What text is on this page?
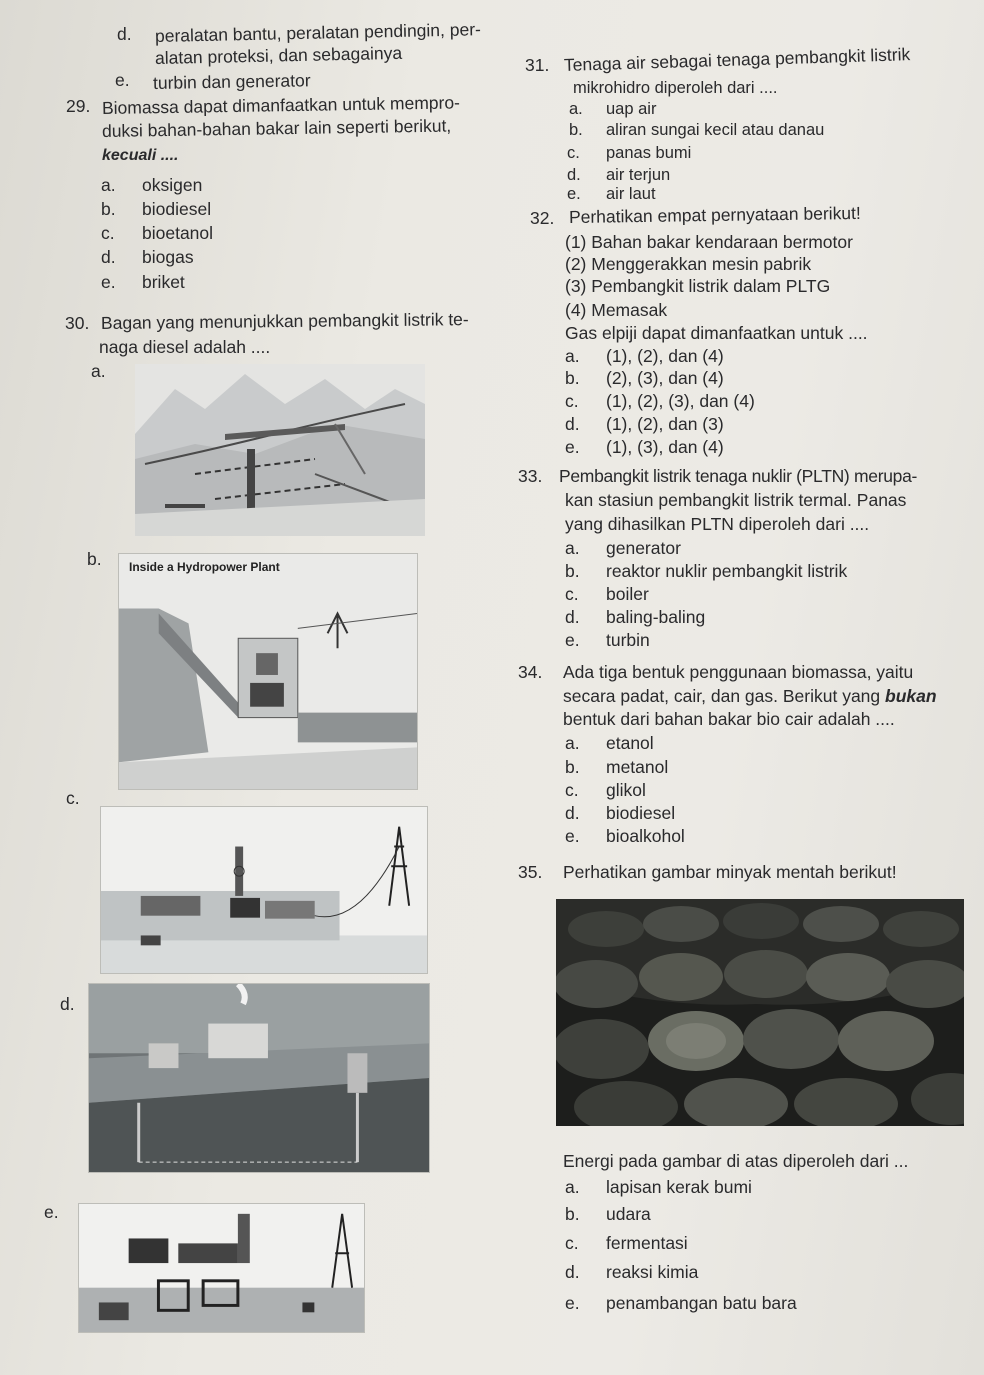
d. peralatan bantu, peralatan pendingin, per-
alatan proteksi, dan sebagainya
e. turbin dan generator
29. Biomassa dapat dimanfaatkan untuk mempro-
duksi bahan-bahan bakar lain seperti berikut,
kecuali ....
a. oksigen
b. biodiesel
c. bioetanol
d. biogas
e. briket
30. Bagan yang menunjukkan pembangkit listrik te-
naga diesel adalah ....
a.
b. Inside a Hydropower Plant
c.
d.
e.
31. Tenaga air sebagai tenaga pembangkit listrik
mikrohidro diperoleh dari ....
a. uap air
b. aliran sungai kecil atau danau
c. panas bumi
d. air terjun
e. air laut
32. Perhatikan empat pernyataan berikut!
(1) Bahan bakar kendaraan bermotor
(2) Menggerakkan mesin pabrik
(3) Pembangkit listrik dalam PLTG
(4) Memasak
Gas elpiji dapat dimanfaatkan untuk ....
a. (1), (2), dan (4)
b. (2), (3), dan (4)
c. (1), (2), (3), dan (4)
d. (1), (2), dan (3)
e. (1), (3), dan (4)
33. Pembangkit listrik tenaga nuklir (PLTN) merupa-
kan stasiun pembangkit listrik termal. Panas
yang dihasilkan PLTN diperoleh dari ....
a. generator
b. reaktor nuklir pembangkit listrik
c. boiler
d. baling-baling
e. turbin
34. Ada tiga bentuk penggunaan biomassa, yaitu
secara padat, cair, dan gas. Berikut yang bukan
bentuk dari bahan bakar bio cair adalah ....
a. etanol
b. metanol
c. glikol
d. biodiesel
e. bioalkohol
35. Perhatikan gambar minyak mentah berikut!
Energi pada gambar di atas diperoleh dari ...
a. lapisan kerak bumi
b. udara
c. fermentasi
d. reaksi kimia
e. penambangan batu bara
